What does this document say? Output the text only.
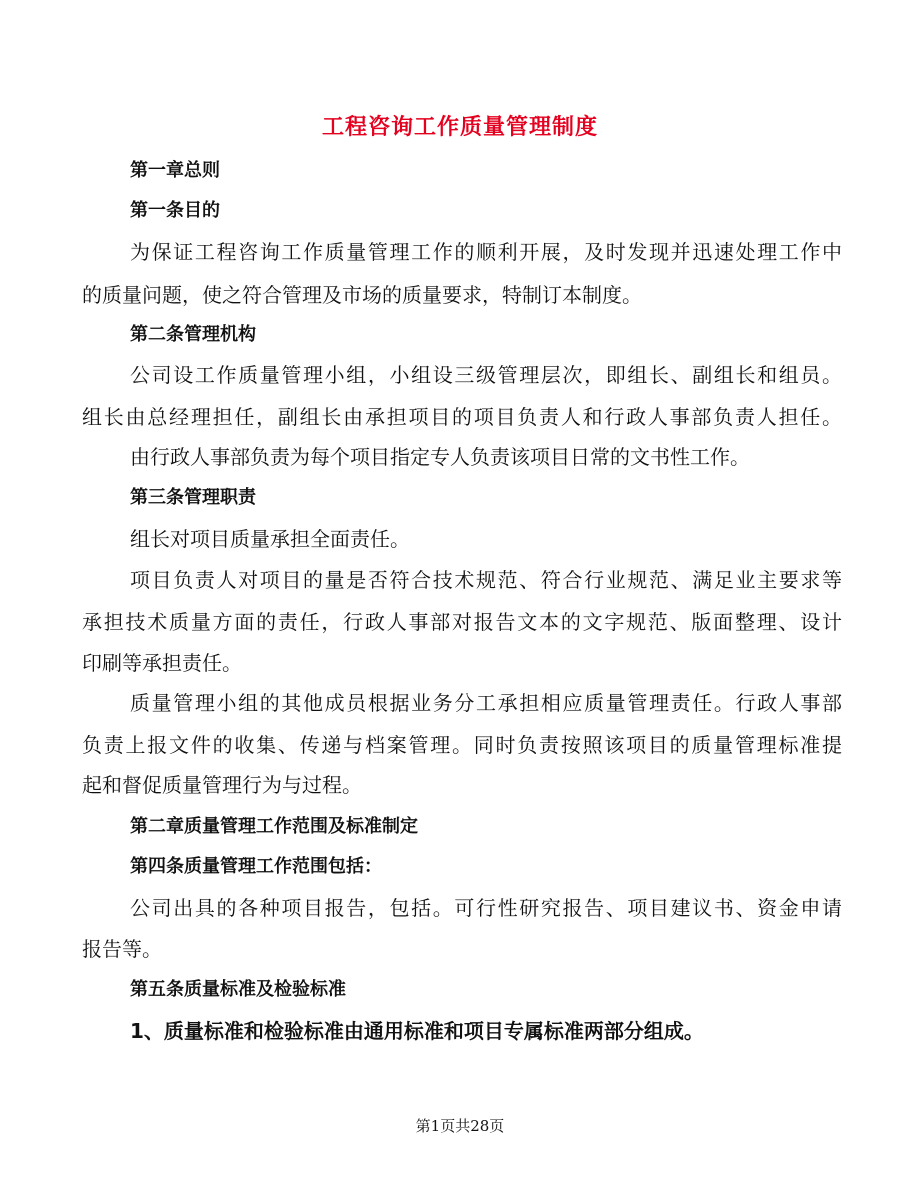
工程咨询工作质量管理制度

第一章总则

第一条目的

为保证工程咨询工作质量管理工作的顺利开展，及时发现并迅速处理工作中

的质量问题，使之符合管理及市场的质量要求，特制订本制度。

第二条管理机构

公司设工作质量管理小组，小组设三级管理层次，即组长、副组长和组员。

组长由总经理担任，副组长由承担项目的项目负责人和行政人事部负责人担任。

由行政人事部负责为每个项目指定专人负责该项目日常的文书性工作。

第三条管理职责

组长对项目质量承担全面责任。

项目负责人对项目的量是否符合技术规范、符合行业规范、满足业主要求等

承担技术质量方面的责任，行政人事部对报告文本的文字规范、版面整理、设计

印刷等承担责任。

质量管理小组的其他成员根据业务分工承担相应质量管理责任。行政人事部

负责上报文件的收集、传递与档案管理。同时负责按照该项目的质量管理标准提

起和督促质量管理行为与过程。

第二章质量管理工作范围及标准制定

第四条质量管理工作范围包括：

公司出具的各种项目报告，包括。可行性研究报告、项目建议书、资金申请

报告等。

第五条质量标准及检验标准

1、质量标准和检验标准由通用标准和项目专属标准两部分组成。

第1页共28页
